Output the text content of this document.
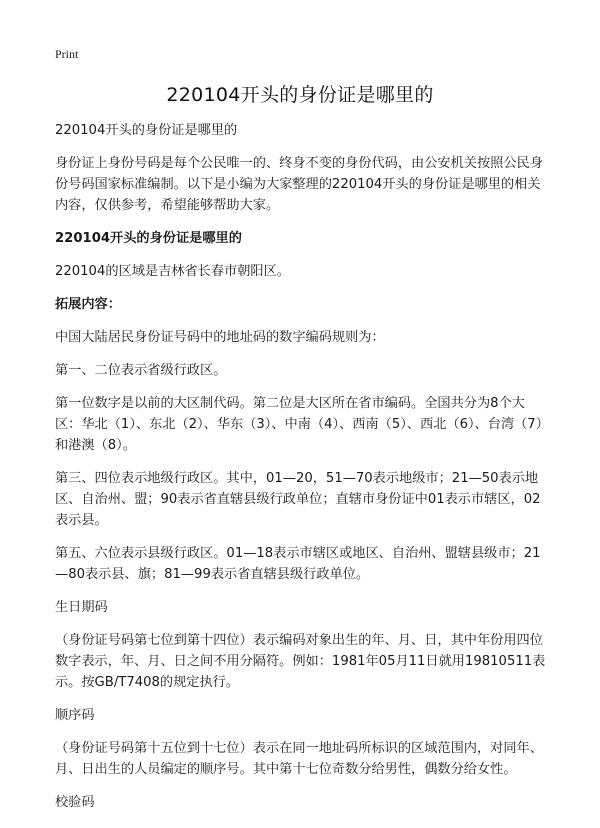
Print
220104开头的身份证是哪里的

220104开头的身份证是哪里的

身份证上身份号码是每个公民唯一的、终身不变的身份代码，由公安机关按照公民身份号码国家标准编制。以下是小编为大家整理的220104开头的身份证是哪里的相关内容，仅供参考，希望能够帮助大家。

220104开头的身份证是哪里的

220104的区域是吉林省长春市朝阳区。

拓展内容：

中国大陆居民身份证号码中的地址码的数字编码规则为：

第一、二位表示省级行政区。

第一位数字是以前的大区制代码。第二位是大区所在省市编码。全国共分为8个大区：华北（1）、东北（2）、华东（3）、中南（4）、西南（5）、西北（6）、台湾（7）和港澳（8）。

第三、四位表示地级行政区。其中，01—20，51—70表示地级市；21—50表示地区、自治州、盟；90表示省直辖县级行政单位；直辖市身份证中01表示市辖区，02表示县。

第五、六位表示县级行政区。01—18表示市辖区或地区、自治州、盟辖县级市；21—80表示县、旗；81—99表示省直辖县级行政单位。

生日期码

（身份证号码第七位到第十四位）表示编码对象出生的年、月、日，其中年份用四位数字表示，年、月、日之间不用分隔符。例如：1981年05月11日就用19810511表示。按GB/T7408的规定执行。

顺序码

（身份证号码第十五位到十七位）表示在同一地址码所标识的区域范围内，对同年、月、日出生的人员编定的顺序号。其中第十七位奇数分给男性，偶数分给女性。

校验码
